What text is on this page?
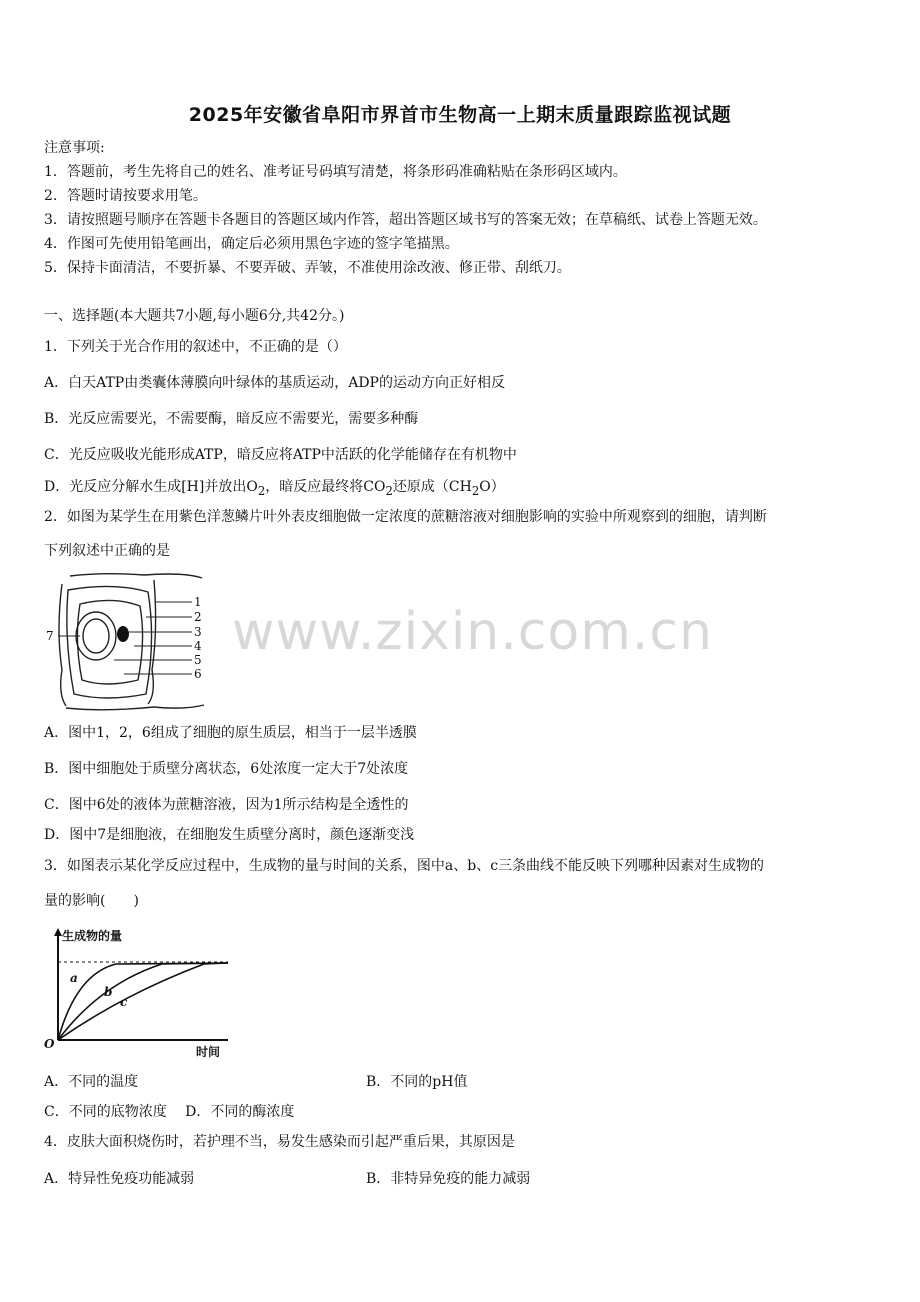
2025年安徽省阜阳市界首市生物高一上期末质量跟踪监视试题
注意事项:
1．答题前，考生先将自己的姓名、准考证号码填写清楚，将条形码准确粘贴在条形码区域内。
2．答题时请按要求用笔。
3．请按照题号顺序在答题卡各题目的答题区域内作答，超出答题区域书写的答案无效；在草稿纸、试卷上答题无效。
4．作图可先使用铅笔画出，确定后必须用黑色字迹的签字笔描黑。
5．保持卡面清洁，不要折暴、不要弄破、弄皱，不准使用涂改液、修正带、刮纸刀。
一、选择题(本大题共7小题,每小题6分,共42分。)
1．下列关于光合作用的叙述中，不正确的是（）
A．白天ATP由类囊体薄膜向叶绿体的基质运动，ADP的运动方向正好相反
B．光反应需要光，不需要酶，暗反应不需要光，需要多种酶
C．光反应吸收光能形成ATP，暗反应将ATP中活跃的化学能储存在有机物中
D．光反应分解水生成[H]并放出$O_2$，暗反应最终将$CO_2$还原成$(CH_2O)$
2．如图为某学生在用紫色洋葱鳞片叶外表皮细胞做一定浓度的蔗糖溶液对细胞影响的实验中所观察到的细胞，请判断
下列叙述中正确的是
1
2
3
4
5
6
7	www.zixin.com.cn
A．图中1，2，6组成了细胞的原生质层，相当于一层半透膜
B．图中细胞处于质壁分离状态，6处浓度一定大于7处浓度
C．图中6处的液体为蔗糖溶液，因为1所示结构是全透性的
D．图中7是细胞液，在细胞发生质壁分离时，颜色逐渐变浅
3．如图表示某化学反应过程中，生成物的量与时间的关系，图中a、b、c三条曲线不能反映下列哪种因素对生成物的
量的影响(　　)
a
b
c
生成物的量
时间
O
A．不同的温度	B．不同的pH值
C．不同的底物浓度　 D．不同的酶浓度
4．皮肤大面积烧伤时，若护理不当，易发生感染而引起严重后果，其原因是
A．特异性免疫功能减弱	B．非特异免疫的能力减弱
